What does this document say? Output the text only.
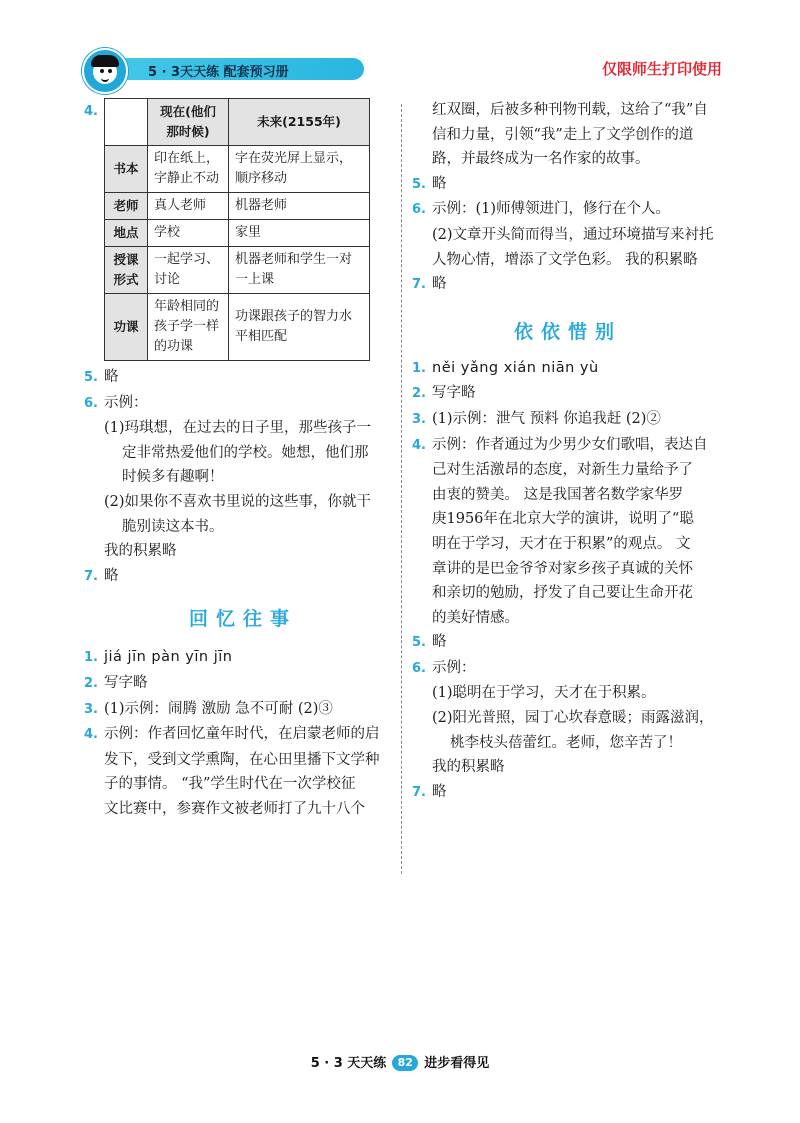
5 · 3天天练 配套预习册	仅限师生打印使用
4.
		现在(他们那时候)	未来(2155年)
书本	印在纸上，字静止不动	字在荧光屏上显示，顺序移动
老师	真人老师	机器老师
地点	学校	家里
授课形式	一起学习、讨论	机器老师和学生一对一上课
功课	年龄相同的孩子学一样的功课	功课跟孩子的智力水平相匹配
5. 略
6. 示例：
(1)玛琪想，在过去的日子里，那些孩子一
定非常热爱他们的学校。她想，他们那
时候多有趣啊！
(2)如果你不喜欢书里说的这些事，你就干
脆别读这本书。
我的积累略
7. 略
回忆往事
1. jiá jīn pàn yīn jīn
2. 写字略
3. (1)示例：闹腾 激励 急不可耐 (2)③
4. 示例：作者回忆童年时代，在启蒙老师的启
发下，受到文学熏陶，在心田里播下文学种
子的事情。 “我”学生时代在一次学校征
文比赛中，参赛作文被老师打了九十八个
红双圈，后被多种刊物刊载，这给了“我”自
信和力量，引领“我”走上了文学创作的道
路，并最终成为一名作家的故事。
5. 略
6. 示例：(1)师傅领进门，修行在个人。
(2)文章开头简而得当，通过环境描写来衬托
人物心情，增添了文学色彩。 我的积累略
7. 略
依依惜别
1. něi yǎng xián niān yù
2. 写字略
3. (1)示例：泄气 预料 你追我赶 (2)②
4. 示例：作者通过为少男少女们歌唱，表达自
己对生活激昂的态度，对新生力量给予了
由衷的赞美。 这是我国著名数学家华罗
庚1956年在北京大学的演讲，说明了“聪
明在于学习，天才在于积累”的观点。 文
章讲的是巴金爷爷对家乡孩子真诚的关怀
和亲切的勉励，抒发了自己要让生命开花
的美好情感。
5. 略
6. 示例：
(1)聪明在于学习，天才在于积累。
(2)阳光普照，园丁心坎春意暖；雨露滋润，
桃李枝头蓓蕾红。老师，您辛苦了！
我的积累略
7. 略
5 · 3 天天练 82 进步看得见
